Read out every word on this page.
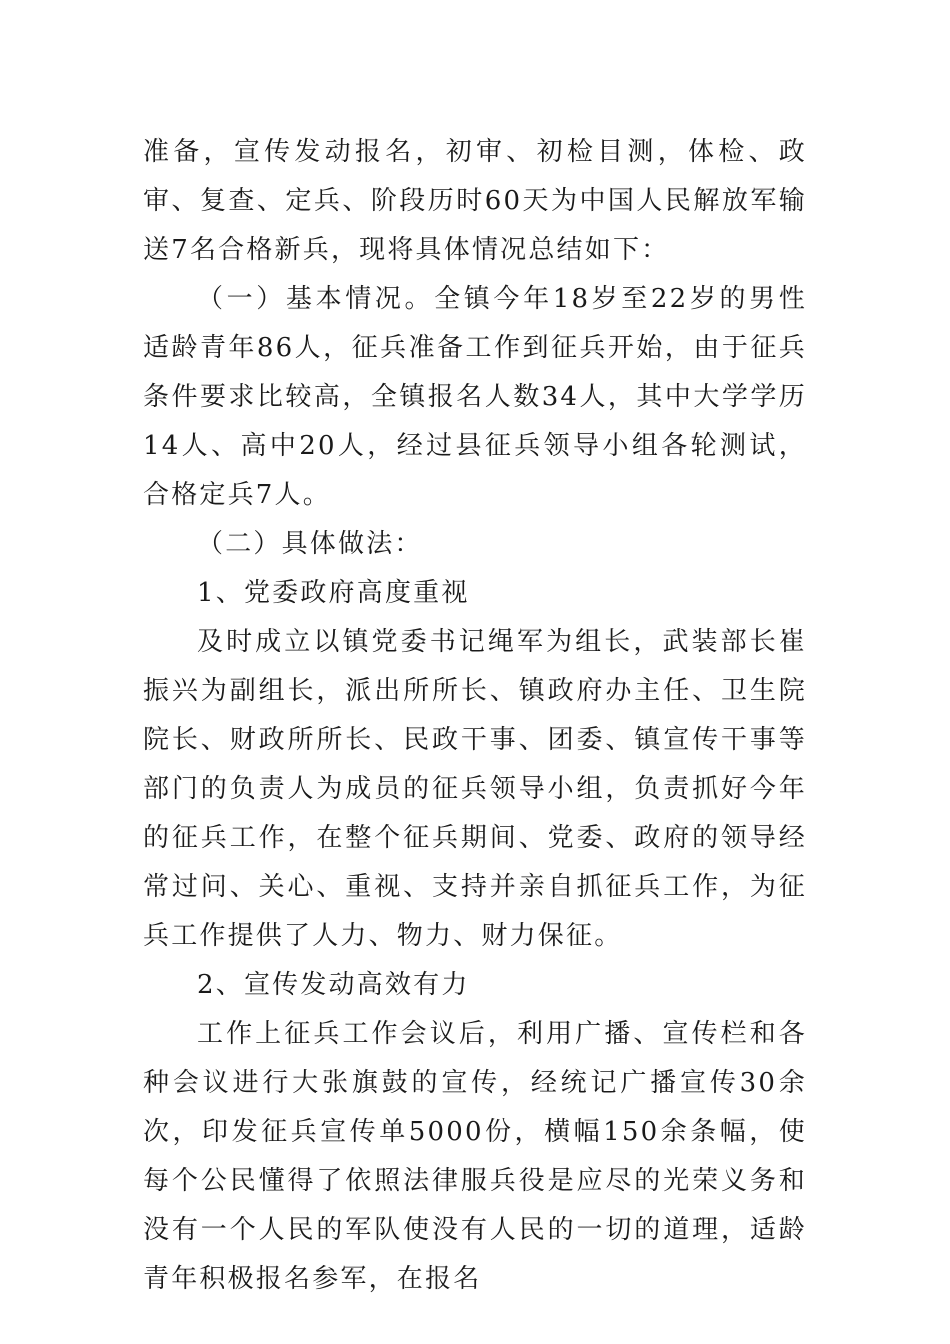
准备，宣传发动报名，初审、初检目测，体检、政审、复查、定兵、阶段历时60天为中国人民解放军输送7名合格新兵，现将具体情况总结如下：

（一）基本情况。全镇今年18岁至22岁的男性适龄青年86人，征兵准备工作到征兵开始，由于征兵条件要求比较高，全镇报名人数34人，其中大学学历14人、高中20人，经过县征兵领导小组各轮测试，合格定兵7人。

（二）具体做法：

1、党委政府高度重视

及时成立以镇党委书记绳军为组长，武装部长崔振兴为副组长，派出所所长、镇政府办主任、卫生院院长、财政所所长、民政干事、团委、镇宣传干事等部门的负责人为成员的征兵领导小组，负责抓好今年的征兵工作，在整个征兵期间、党委、政府的领导经常过问、关心、重视、支持并亲自抓征兵工作，为征兵工作提供了人力、物力、财力保征。

2、宣传发动高效有力

工作上征兵工作会议后，利用广播、宣传栏和各种会议进行大张旗鼓的宣传，经统记广播宣传30余次，印发征兵宣传单5000份，横幅150余条幅，使每个公民懂得了依照法律服兵役是应尽的光荣义务和没有一个人民的军队使没有人民的一切的道理，适龄青年积极报名参军，在报名
